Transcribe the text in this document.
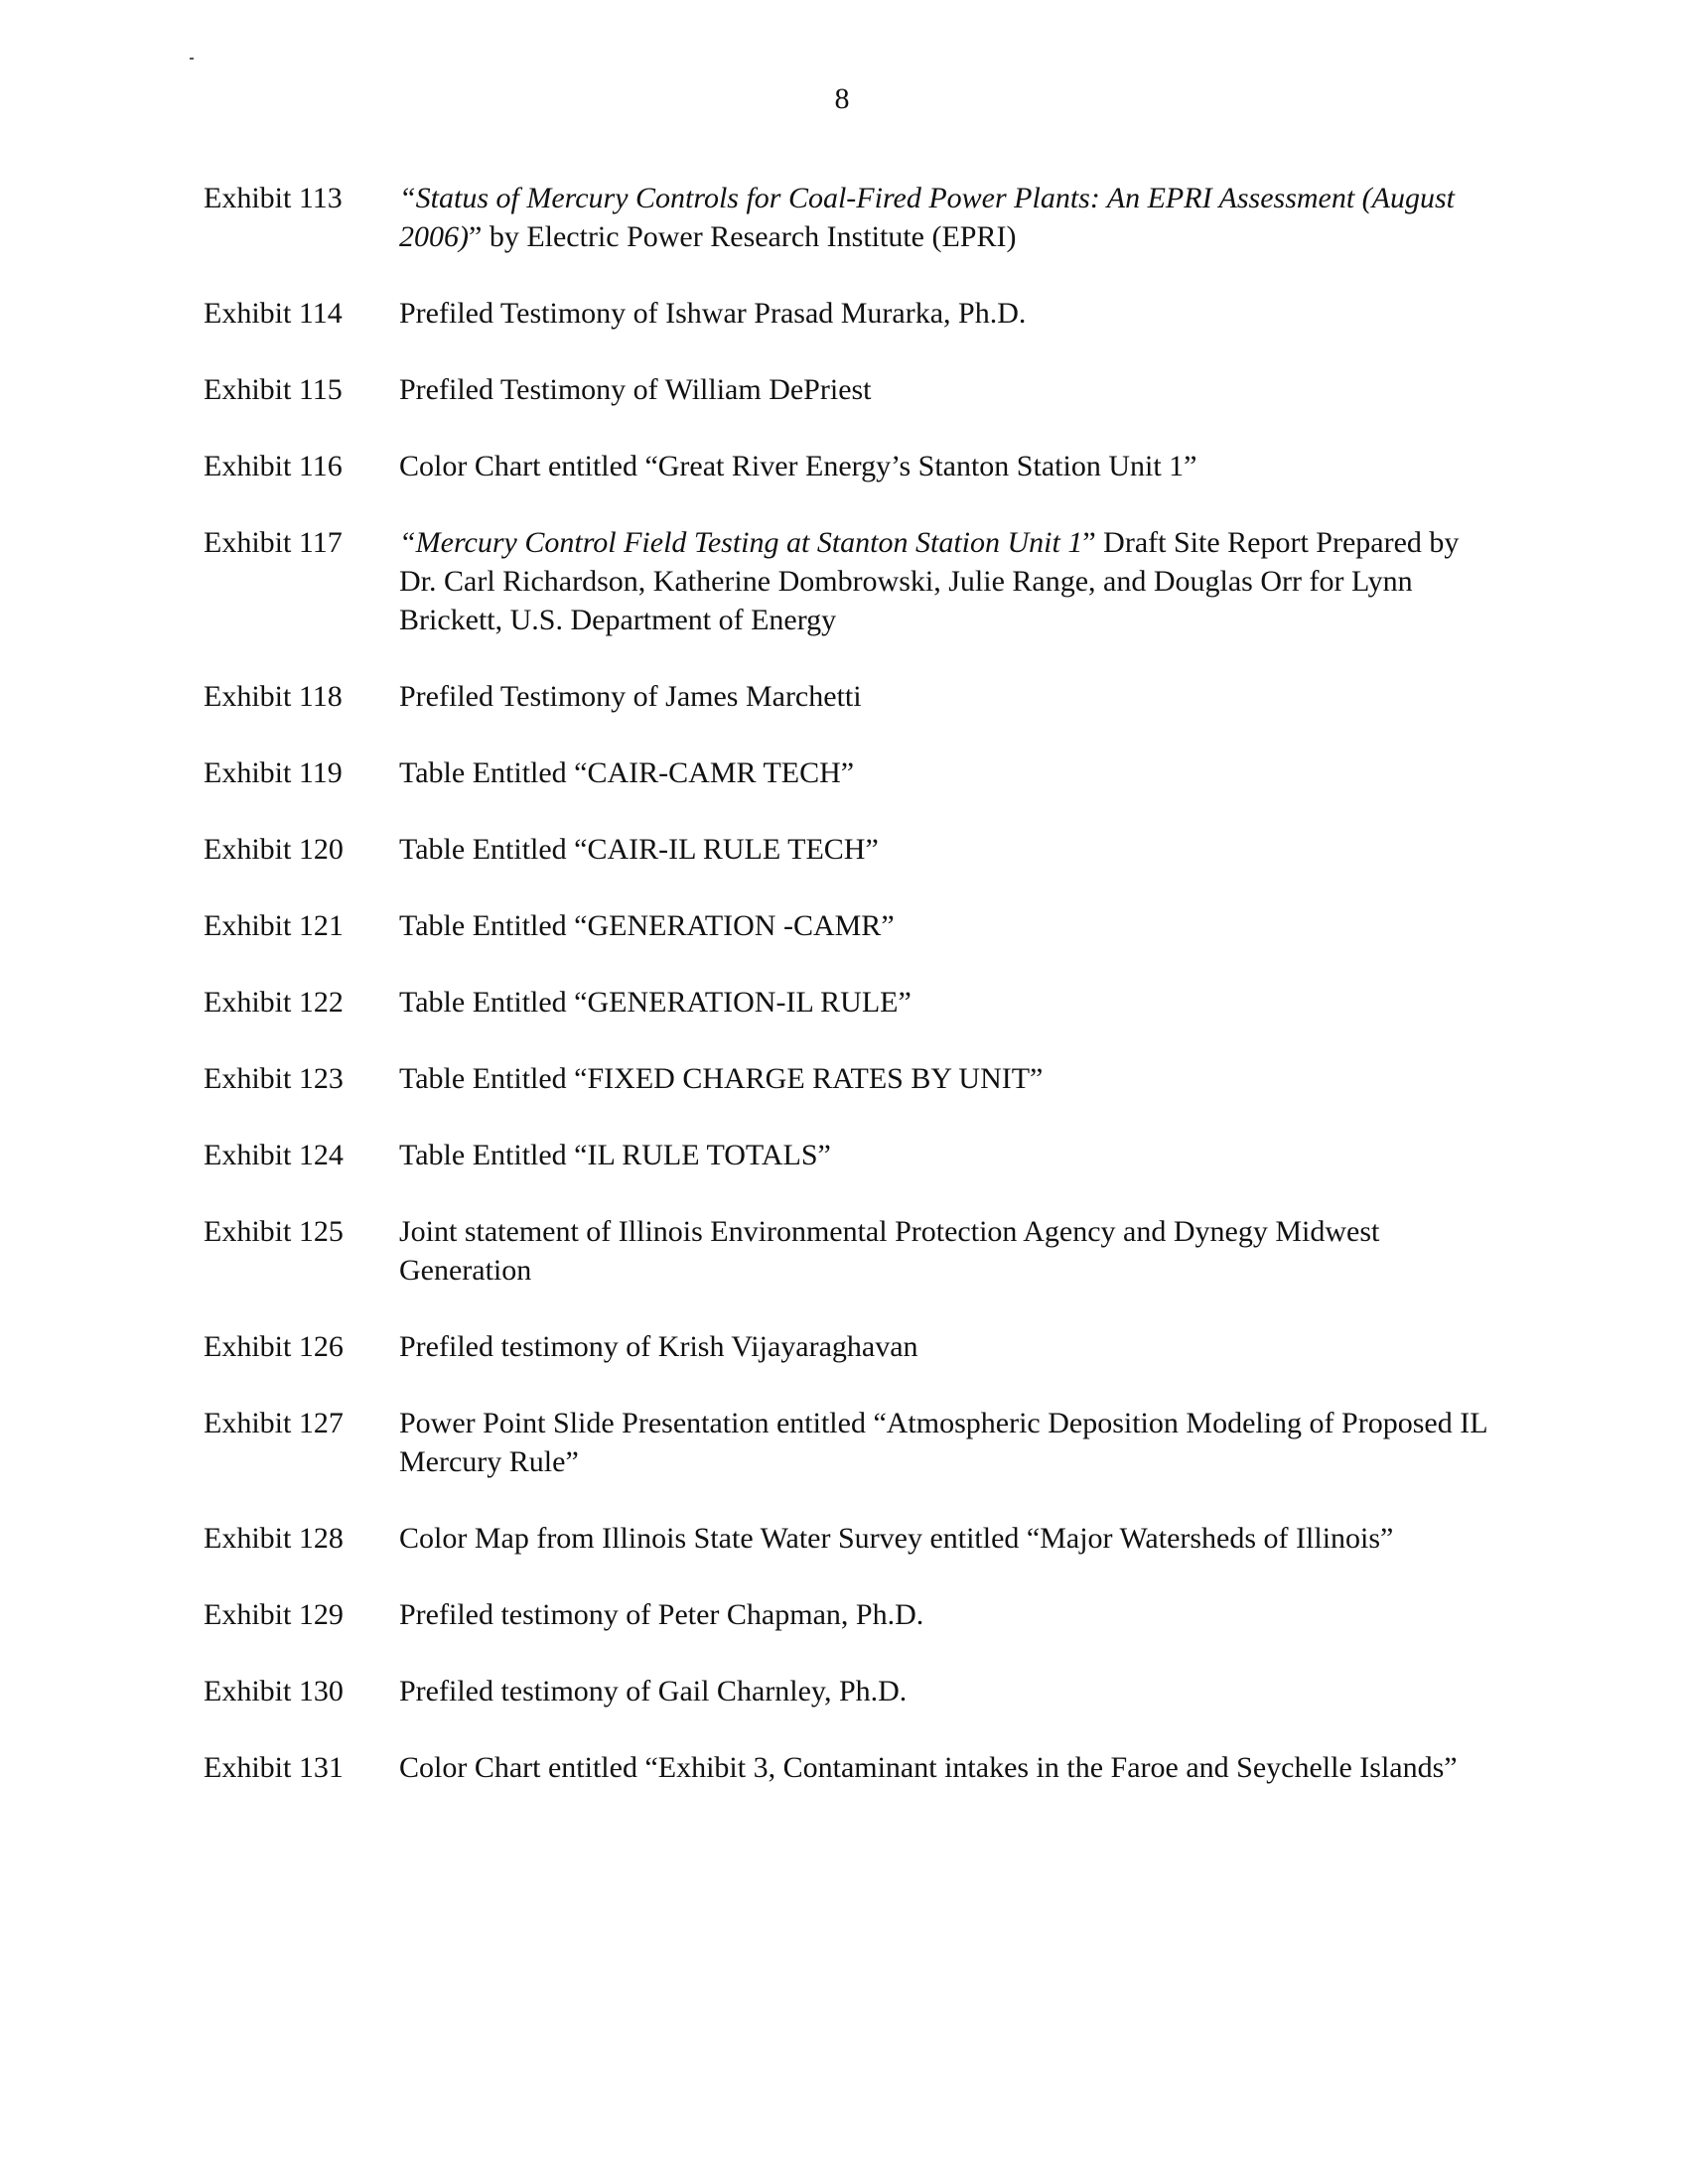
8
Exhibit 113	“Status of Mercury Controls for Coal-Fired Power Plants: An EPRI Assessment (August 2006)” by Electric Power Research Institute (EPRI)
Exhibit 114	Prefiled Testimony of Ishwar Prasad Murarka, Ph.D.
Exhibit 115	Prefiled Testimony of William DePriest
Exhibit 116	Color Chart entitled “Great River Energy’s Stanton Station Unit 1”
Exhibit 117	“Mercury Control Field Testing at Stanton Station Unit 1” Draft Site Report Prepared by Dr. Carl Richardson, Katherine Dombrowski, Julie Range, and Douglas Orr for Lynn Brickett, U.S. Department of Energy
Exhibit 118	Prefiled Testimony of James Marchetti
Exhibit 119	Table Entitled “CAIR-CAMR TECH”
Exhibit 120	Table Entitled “CAIR-IL RULE TECH”
Exhibit 121	Table Entitled “GENERATION -CAMR”
Exhibit 122	Table Entitled “GENERATION-IL RULE”
Exhibit 123	Table Entitled “FIXED CHARGE RATES BY UNIT”
Exhibit 124	Table Entitled “IL RULE TOTALS”
Exhibit 125	Joint statement of Illinois Environmental Protection Agency and Dynegy Midwest Generation
Exhibit 126	Prefiled testimony of Krish Vijayaraghavan
Exhibit 127	Power Point Slide Presentation entitled “Atmospheric Deposition Modeling of Proposed IL Mercury Rule”
Exhibit 128	Color Map from Illinois State Water Survey entitled “Major Watersheds of Illinois”
Exhibit 129	Prefiled testimony of Peter Chapman, Ph.D.
Exhibit 130	Prefiled testimony of Gail Charnley, Ph.D.
Exhibit 131	Color Chart entitled “Exhibit 3, Contaminant intakes in the Faroe and Seychelle Islands”
